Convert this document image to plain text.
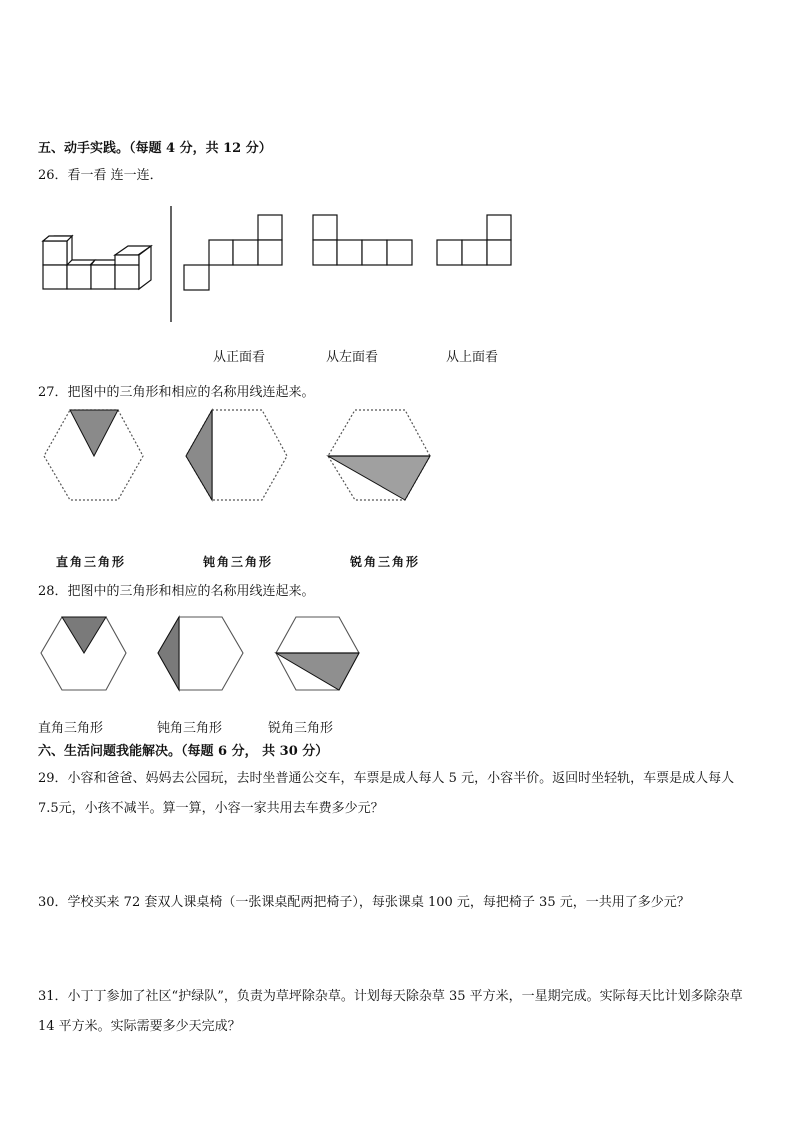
五、动手实践。（每题 4 分，共 12 分）
26．看一看 连一连．
从正面看	从左面看	从上面看
27．把图中的三角形和相应的名称用线连起来。
直角三角形	钝角三角形	锐角三角形
28．把图中的三角形和相应的名称用线连起来。
直角三角形	钝角三角形	锐角三角形
六、生活问题我能解决。（每题 6 分， 共 30 分）
29．小容和爸爸、妈妈去公园玩，去时坐普通公交车，车票是成人每人 5 元，小容半价。返回时坐轻轨，车票是成人每人 7.5元，小孩不减半。算一算，小容一家共用去车费多少元？
30．学校买来 72 套双人课桌椅（一张课桌配两把椅子），每张课桌 100 元，每把椅子 35 元，一共用了多少元？
31．小丁丁参加了社区“护绿队”，负责为草坪除杂草。计划每天除杂草 35 平方米，一星期完成。实际每天比计划多除杂草 14 平方米。实际需要多少天完成？
